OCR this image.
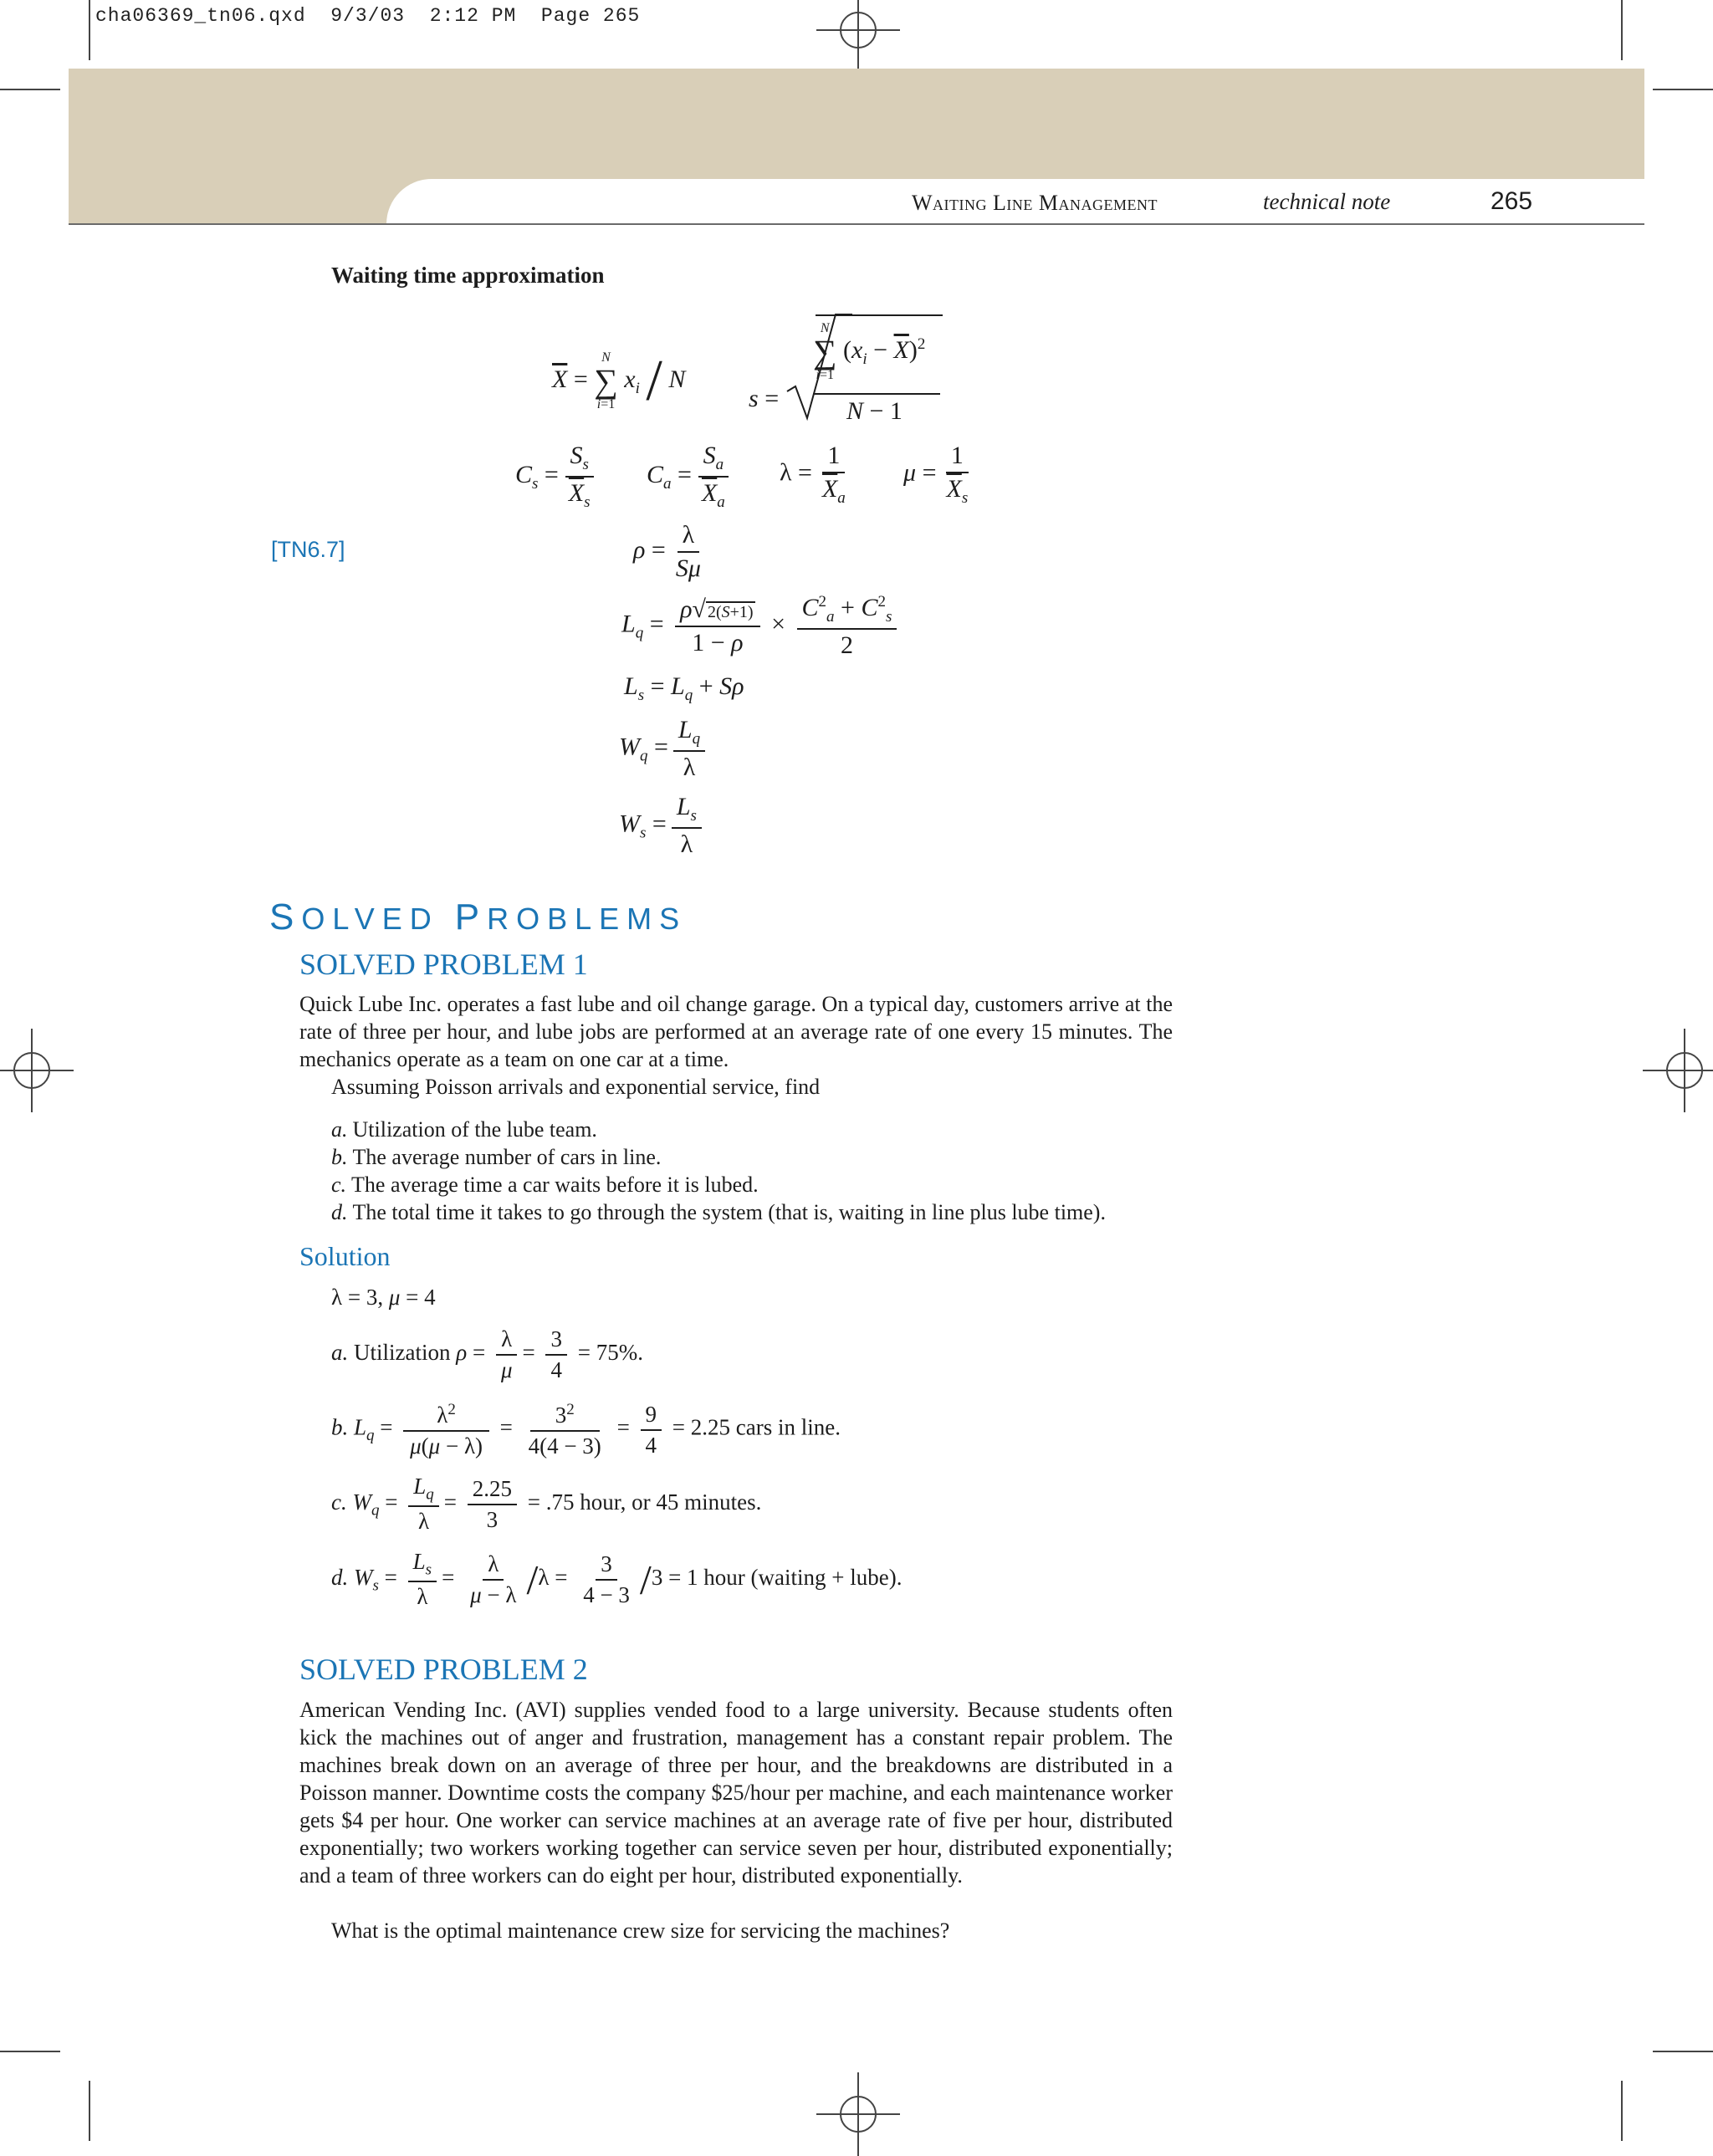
cha06369_tn06.qxd 9/3/03 2:12 PM Page 265
Waiting Line Management	technical note	265
Waiting time approximation
$\overline{X}$ =
N
∑
i=1
$x_i$ / N
s =
N
∑
i=1
$(x_i - \overline{X})^2$
N − 1
$C_s = \frac{S_s}{\overline{X}_s} C_a = \frac{S_a}{\overline{X}_a}$ $\lambda = \frac{1}{\overline{X}_a}$ $\mu = \frac{1}{\overline{X}_s}$
[TN6.7]	$\rho = \frac{\lambda}{S\mu}$
$L_q = \frac{\rho√ 2(S+1)}{1 - \rho} \times \frac{C^2_a + C^2_s}{2}$
$L_s = L_q + S\rho$
$W_q = \frac{L_q}{\lambda}$
$W_s = \frac{L_s}{\lambda}$
SOLVED PROBLEMS
SOLVED PROBLEM 1
Quick Lube Inc. operates a fast lube and oil change garage. On a typical day, customers arrive at the rate of three per hour, and lube jobs are performed at an average rate of one every 15 minutes. The mechanics operate as a team on one car at a time.
Assuming Poisson arrivals and exponential service, find
a. Utilization of the lube team.
b. The average number of cars in line.
c. The average time a car waits before it is lubed.
d. The total time it takes to go through the system (that is, waiting in line plus lube time).
Solution
λ = 3, μ = 4
a. Utilization $\rho = \frac{\lambda}{\mu} = \frac{3}{4} = 75\%$.
b. $L_q = \frac{\lambda^2}{\mu(\mu - \lambda)} = \frac{3^2}{4(4 - 3)} = \frac{9}{4} = 2.25$ cars in line.
c. $W_q = \frac{L_q}{\lambda} = \frac{2.25}{3} = .75$ hour, or 45 minutes.
d. $W_s = \frac{L_s}{\lambda} = \frac{\lambda}{\mu - \lambda} /\lambda = \frac{3}{4 - 3} /3 = 1$ hour (waiting + lube).
SOLVED PROBLEM 2
American Vending Inc. (AVI) supplies vended food to a large university. Because students often kick the machines out of anger and frustration, management has a constant repair problem. The machines break down on an average of three per hour, and the breakdowns are distributed in a Poisson manner. Downtime costs the company $25/hour per machine, and each maintenance worker gets $4 per hour. One worker can service machines at an average rate of five per hour, distributed exponentially; two workers working together can service seven per hour, distributed exponentially; and a team of three workers can do eight per hour, distributed exponentially.
What is the optimal maintenance crew size for servicing the machines?
